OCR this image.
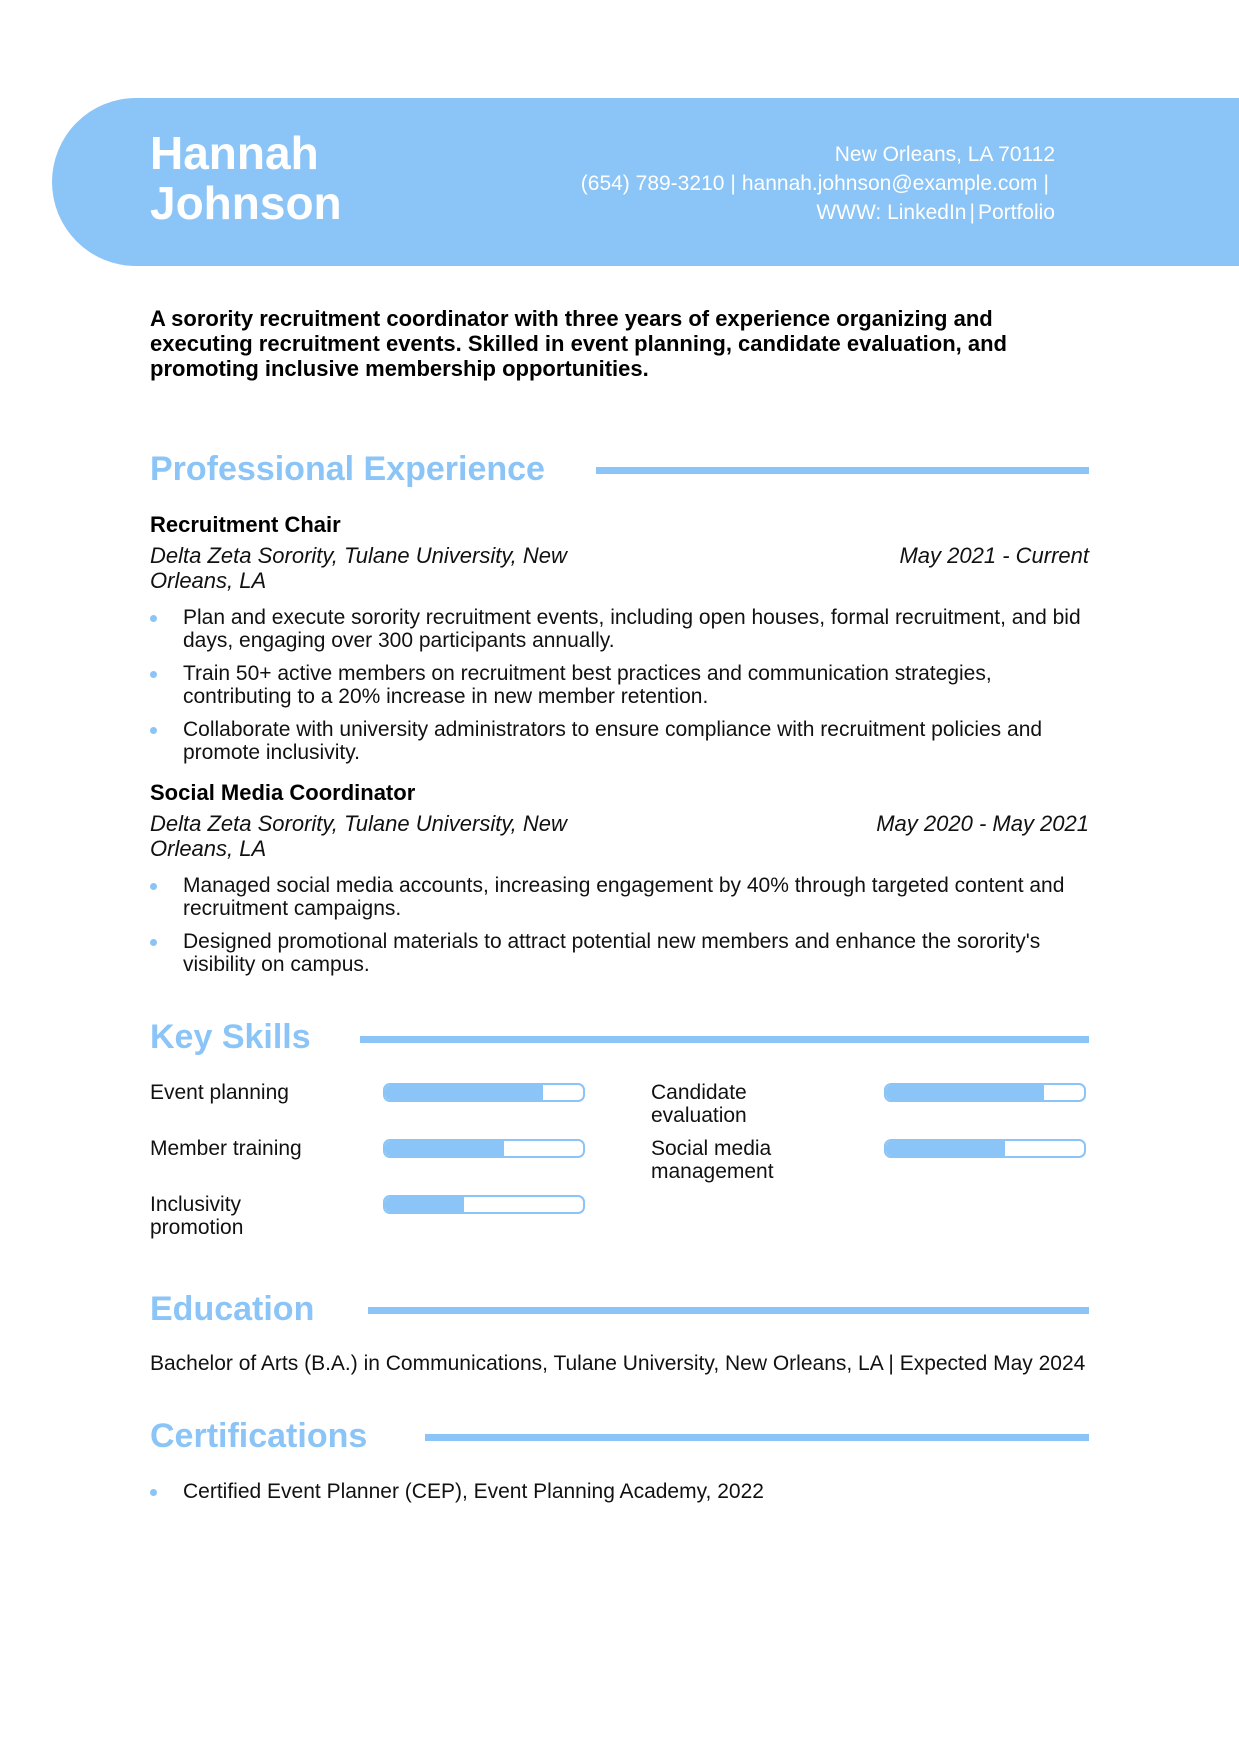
Hannah
Johnson
New Orleans, LA 70112
(654) 789-3210 | hannah.johnson@example.com |
WWW: LinkedIn | Portfolio

A sorority recruitment coordinator with three years of experience organizing and executing recruitment events. Skilled in event planning, candidate evaluation, and promoting inclusive membership opportunities.

Professional Experience
Recruitment Chair
Delta Zeta Sorority, Tulane University, New Orleans, LA
May 2021 - Current
Plan and execute sorority recruitment events, including open houses, formal recruitment, and bid days, engaging over 300 participants annually.
Train 50+ active members on recruitment best practices and communication strategies, contributing to a 20% increase in new member retention.
Collaborate with university administrators to ensure compliance with recruitment policies and promote inclusivity.
Social Media Coordinator
Delta Zeta Sorority, Tulane University, New Orleans, LA
May 2020 - May 2021
Managed social media accounts, increasing engagement by 40% through targeted content and recruitment campaigns.
Designed promotional materials to attract potential new members and enhance the sorority's visibility on campus.
Key Skills
Event planning	Candidate evaluation
Member training	Social media management
Inclusivity promotion
Education

Bachelor of Arts (B.A.) in Communications, Tulane University, New Orleans, LA | Expected May 2024

Certifications
Certified Event Planner (CEP), Event Planning Academy, 2022
